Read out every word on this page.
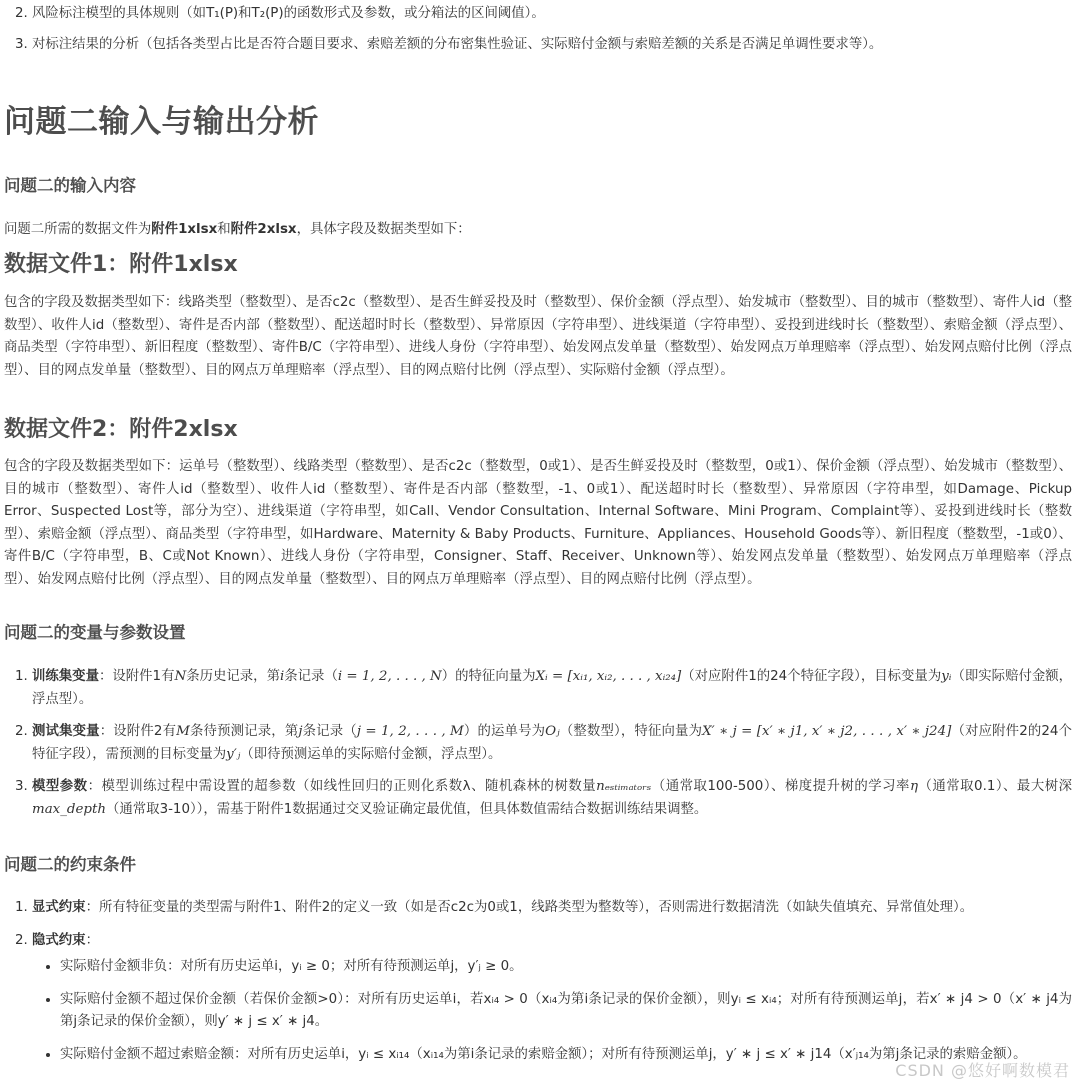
2. 风险标注模型的具体规则（如T₁(P)和T₂(P)的函数形式及参数，或分箱法的区间阈值）。
3. 对标注结果的分析（包括各类型占比是否符合题目要求、索赔差额的分布密集性验证、实际赔付金额与索赔差额的关系是否满足单调性要求等）。
问题二输入与输出分析
问题二的输入内容

问题二所需的数据文件为附件1xlsx和附件2xlsx，具体字段及数据类型如下：

数据文件1：附件1xlsx

包含的字段及数据类型如下：线路类型（整数型）、是否c2c（整数型）、是否生鲜妥投及时（整数型）、保价金额（浮点型）、始发城市（整数型）、目的城市（整数型）、寄件人id（整数型）、收件人id（整数型）、寄件是否内部（整数型）、配送超时时长（整数型）、异常原因（字符串型）、进线渠道（字符串型）、妥投到进线时长（整数型）、索赔金额（浮点型）、商品类型（字符串型）、新旧程度（整数型）、寄件B/C（字符串型）、进线人身份（字符串型）、始发网点发单量（整数型）、始发网点万单理赔率（浮点型）、始发网点赔付比例（浮点型）、目的网点发单量（整数型）、目的网点万单理赔率（浮点型）、目的网点赔付比例（浮点型）、实际赔付金额（浮点型）。

数据文件2：附件2xlsx

包含的字段及数据类型如下：运单号（整数型）、线路类型（整数型）、是否c2c（整数型，0或1）、是否生鲜妥投及时（整数型，0或1）、保价金额（浮点型）、始发城市（整数型）、目的城市（整数型）、寄件人id（整数型）、收件人id（整数型）、寄件是否内部（整数型，-1、0或1）、配送超时时长（整数型）、异常原因（字符串型，如Damage、Pickup Error、Suspected Lost等，部分为空）、进线渠道（字符串型，如Call、Vendor Consultation、Internal Software、Mini Program、Complaint等）、妥投到进线时长（整数型）、索赔金额（浮点型）、商品类型（字符串型，如Hardware、Maternity & Baby Products、Furniture、Appliances、Household Goods等）、新旧程度（整数型，-1或0）、寄件B/C（字符串型，B、C或Not Known）、进线人身份（字符串型，Consigner、Staff、Receiver、Unknown等）、始发网点发单量（整数型）、始发网点万单理赔率（浮点型）、始发网点赔付比例（浮点型）、目的网点发单量（整数型）、目的网点万单理赔率（浮点型）、目的网点赔付比例（浮点型）。

问题二的变量与参数设置
1. 训练集变量：设附件1有N条历史记录，第i条记录（i = 1, 2, . . . , N）的特征向量为Xᵢ = [xᵢ₁, xᵢ₂, . . . , xᵢ₂₄]（对应附件1的24个特征字段），目标变量为yᵢ（即实际赔付金额，浮点型）。
2. 测试集变量：设附件2有M条待预测记录，第j条记录（j = 1, 2, . . . , M）的运单号为Oⱼ（整数型），特征向量为X′ ∗ j = [x′ ∗ j1, x′ ∗ j2, . . . , x′ ∗ j24]（对应附件2的24个特征字段），需预测的目标变量为y′ⱼ（即待预测运单的实际赔付金额，浮点型）。
3. 模型参数：模型训练过程中需设置的超参数（如线性回归的正则化系数λ、随机森林的树数量nₑₛₜᵢₘₐₜₒᵣₛ（通常取100-500）、梯度提升树的学习率η（通常取0.1）、最大树深max_depth（通常取3-10）），需基于附件1数据通过交叉验证确定最优值，但具体数值需结合数据训练结果调整。
问题二的约束条件
1. 显式约束：所有特征变量的类型需与附件1、附件2的定义一致（如是否c2c为0或1，线路类型为整数等），否则需进行数据清洗（如缺失值填充、异常值处理）。
2. 隐式约束：
• 实际赔付金额非负：对所有历史运单i，yᵢ ≥ 0；对所有待预测运单j，y′ⱼ ≥ 0。
• 实际赔付金额不超过保价金额（若保价金额>0）：对所有历史运单i，若xᵢ₄ > 0（xᵢ₄为第i条记录的保价金额），则yᵢ ≤ xᵢ₄；对所有待预测运单j，若x′ ∗ j4 > 0（x′ ∗ j4为第j条记录的保价金额），则y′ ∗ j ≤ x′ ∗ j4。
• 实际赔付金额不超过索赔金额：对所有历史运单i，yᵢ ≤ xᵢ₁₄（xᵢ₁₄为第i条记录的索赔金额）；对所有待预测运单j，y′ ∗ j ≤ x′ ∗ j14（x′ⱼ₁₄为第j条记录的索赔金额）。
CSDN @悠好啊数模君
